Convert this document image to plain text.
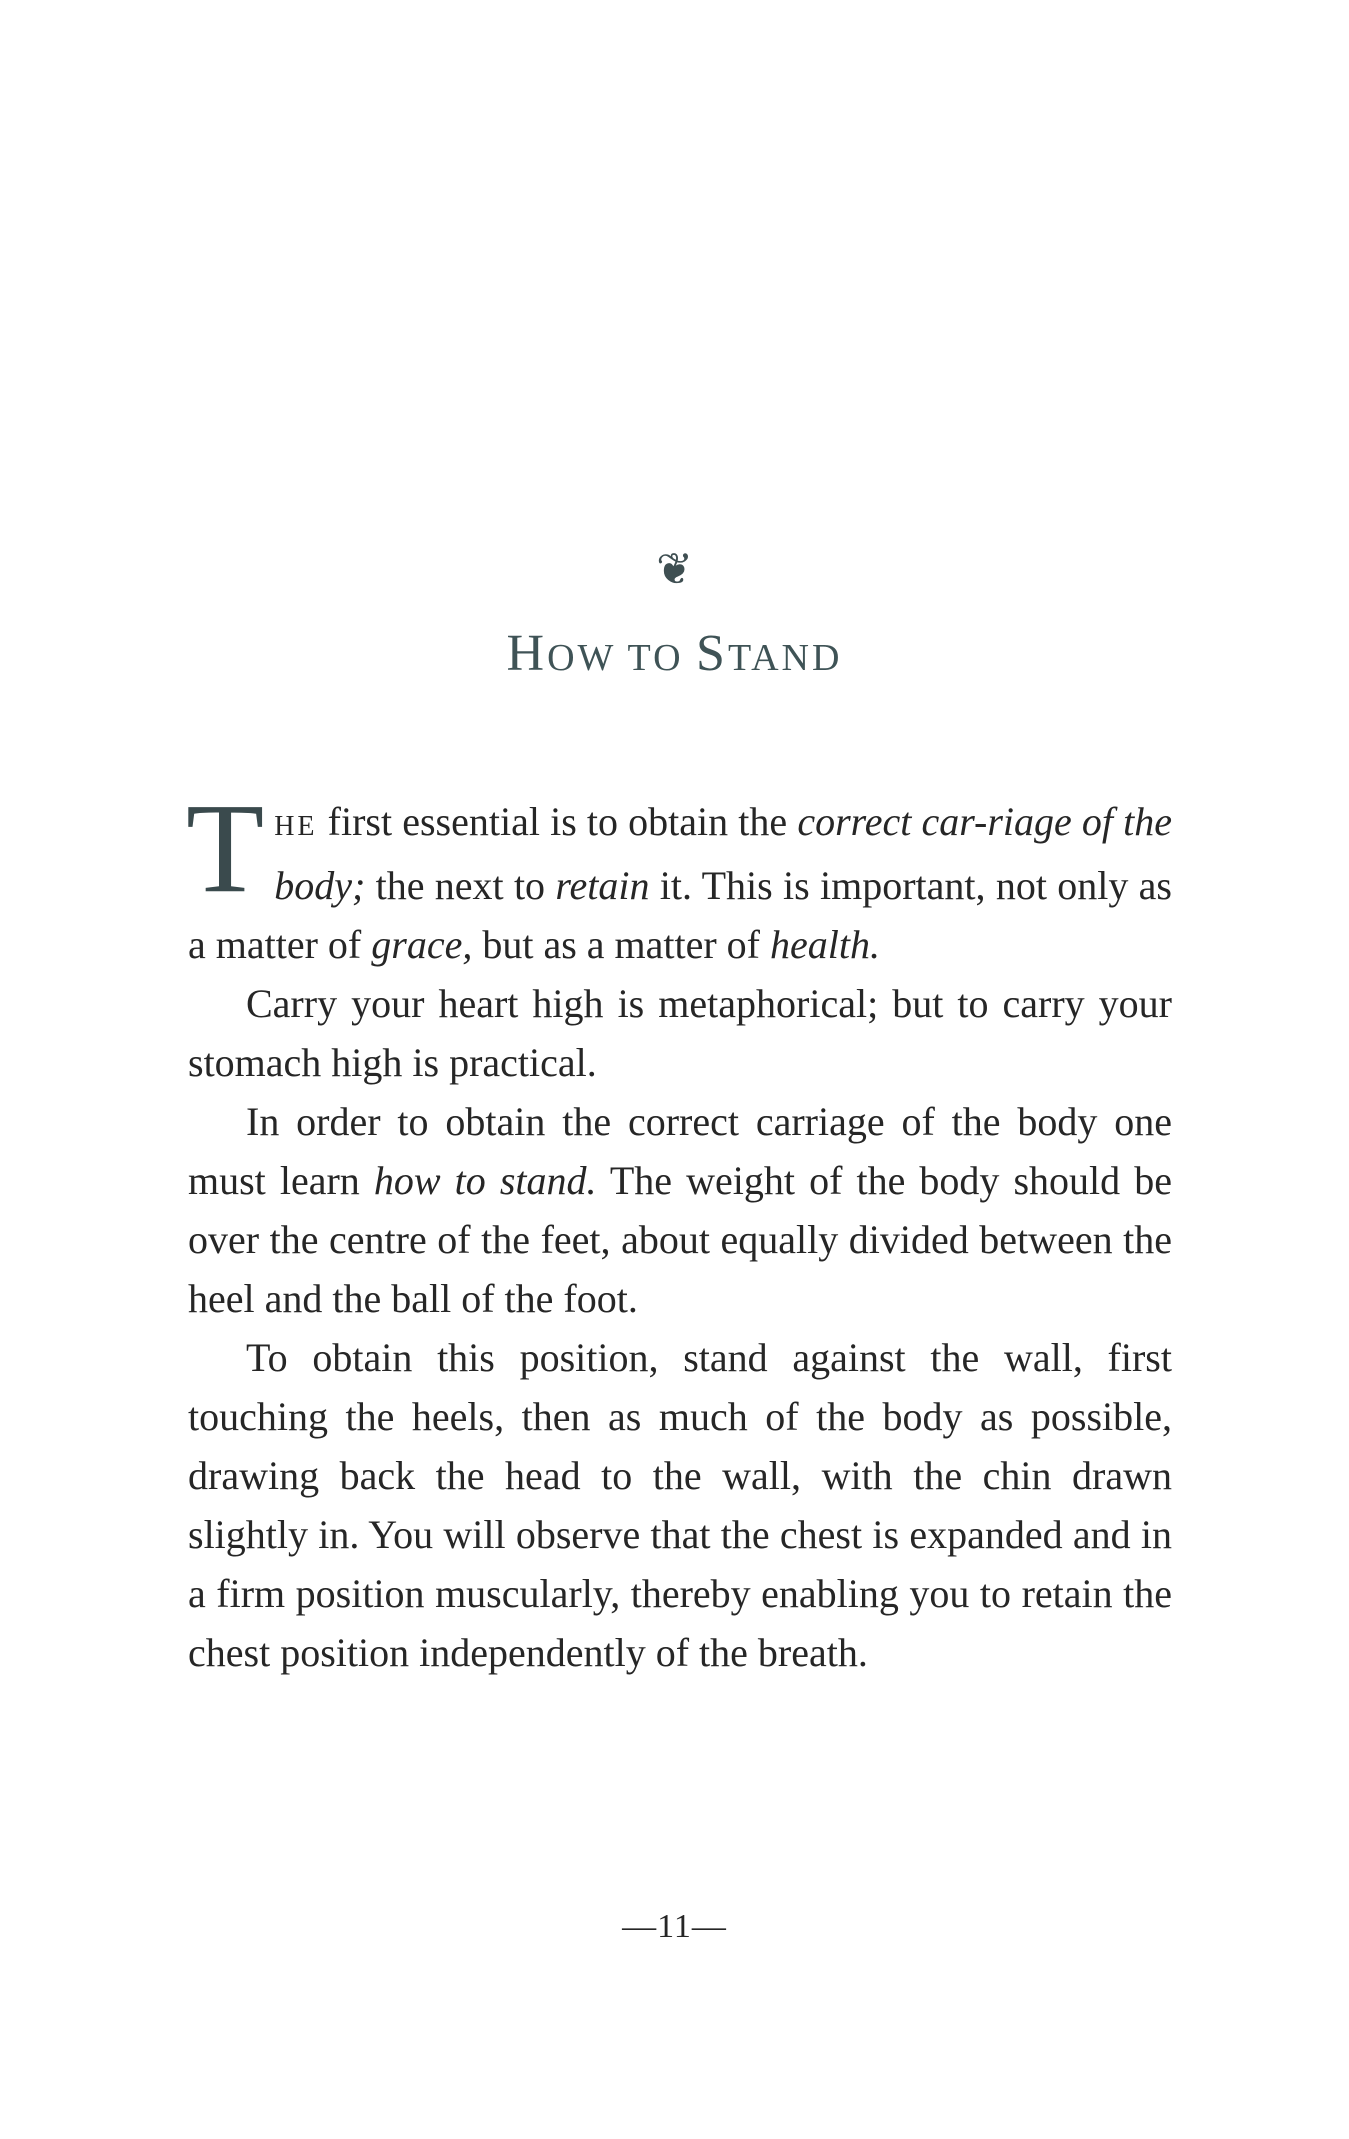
❦
HOW TO STAND

THE first essential is to obtain the correct car-riage of the body; the next to retain it. This is important, not only as a matter of grace, but as a matter of health.

Carry your heart high is metaphorical; but to carry your stomach high is practical.

In order to obtain the correct carriage of the body one must learn how to stand. The weight of the body should be over the centre of the feet, about equally divided between the heel and the ball of the foot.

To obtain this position, stand against the wall, first touching the heels, then as much of the body as possible, drawing back the head to the wall, with the chin drawn slightly in. You will observe that the chest is expanded and in a firm position muscularly, thereby enabling you to retain the chest position independently of the breath.

—11—
